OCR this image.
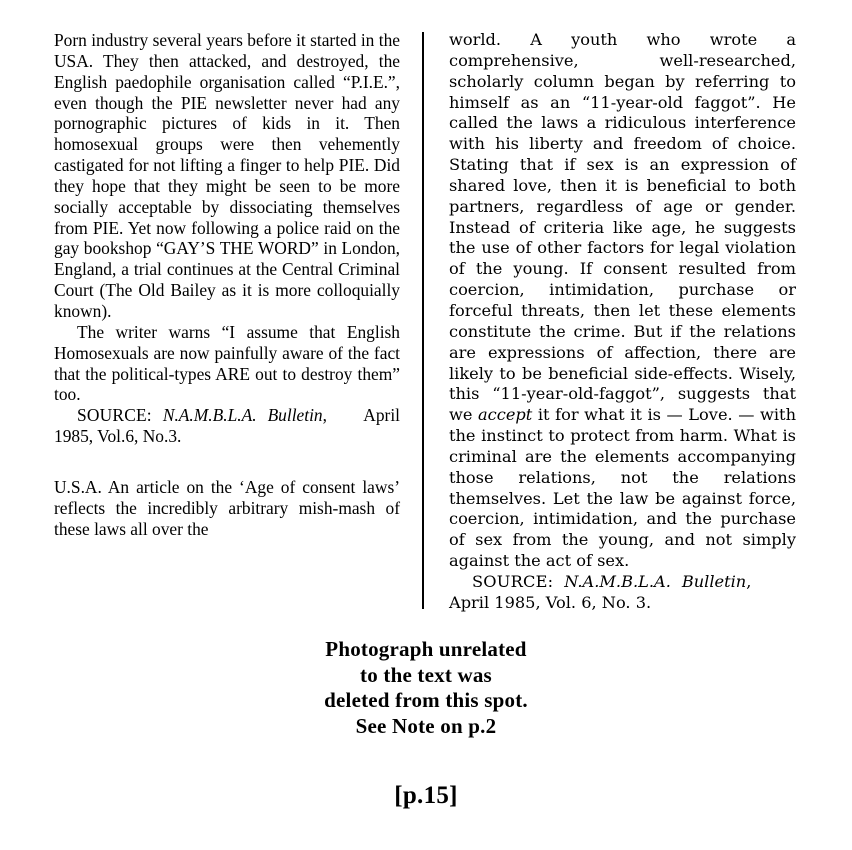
Porn industry several years before it started in the USA. They then attacked, and destroyed, the English paedophile organisation called “P.I.E.”, even though the PIE newsletter never had any pornographic pictures of kids in it. Then homosexual groups were then vehemently castigated for not lifting a finger to help PIE. Did they hope that they might be seen to be more socially acceptable by dissociating themselves from PIE. Yet now following a police raid on the gay bookshop “GAY’S THE WORD” in London, England, a trial continues at the Central Criminal Court (The Old Bailey as it is more colloquially known).

The writer warns “I assume that English Homosexuals are now painfully aware of the fact that the political-types ARE out to destroy them” too.

SOURCE: N.A.M.B.L.A. Bulletin, April 1985, Vol.6, No.3.

U.S.A. An article on the ‘Age of consent laws’ reflects the incredibly arbitrary mish-mash of these laws all over the

world. A youth who wrote a comprehensive, well-researched, scholarly column began by referring to himself as an “11-year-old faggot”. He called the laws a ridiculous interference with his liberty and freedom of choice. Stating that if sex is an expression of shared love, then it is beneficial to both partners, regardless of age or gender. Instead of criteria like age, he suggests the use of other factors for legal violation of the young. If consent resulted from coercion, intimidation, purchase or forceful threats, then let these elements constitute the crime. But if the relations are expressions of affection, there are likely to be beneficial side-effects. Wisely, this “11-year-old-faggot”, suggests that we accept it for what it is — Love. — with the instinct to protect from harm. What is criminal are the elements accompanying those relations, not the relations themselves. Let the law be against force, coercion, intimidation, and the purchase of sex from the young, and not simply against the act of sex.

SOURCE: N.A.M.B.L.A. Bulletin, April 1985, Vol. 6, No. 3.

Photograph unrelated
to the text was
deleted from this spot.
See Note on p.2
[p.15]
